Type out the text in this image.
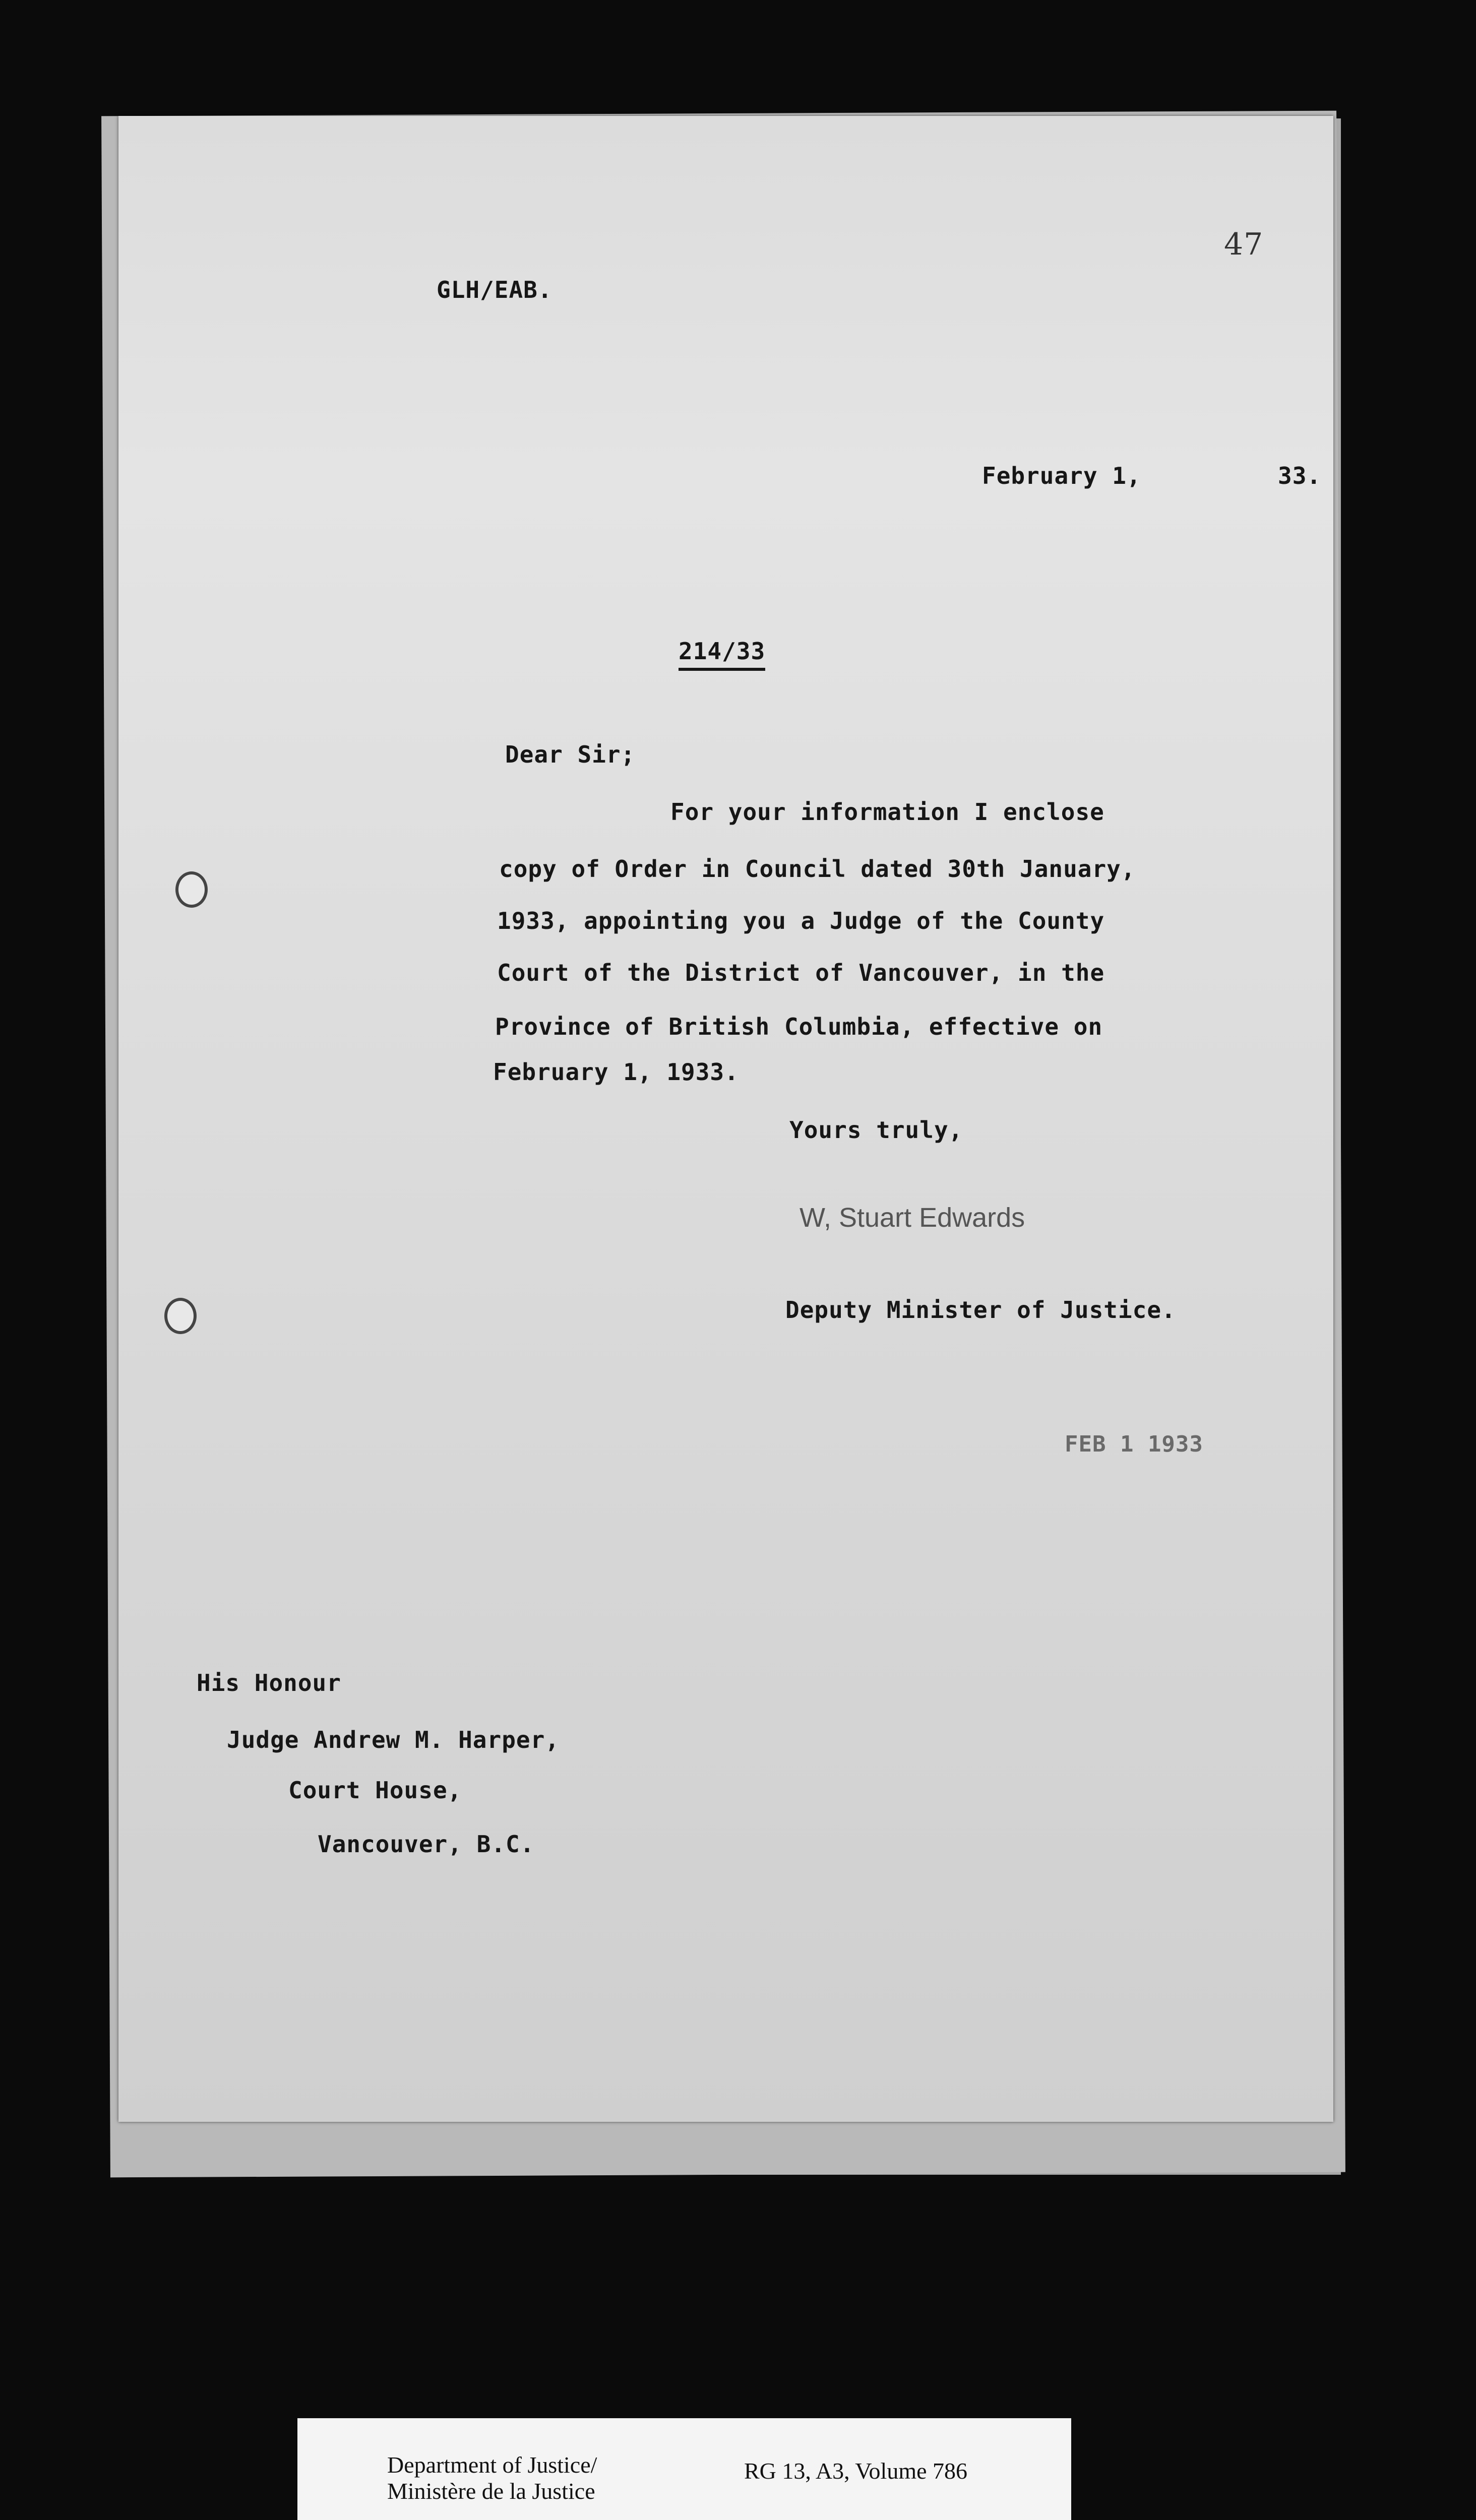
47
GLH/EAB.
February 1,	33.
214/33
Dear Sir;
For your information I enclose
copy of Order in Council dated 30th January,
1933, appointing you a Judge of the County
Court of the District of Vancouver, in the
Province of British Columbia, effective on
February 1, 1933.
Yours truly,
W, Stuart Edwards
Deputy Minister of Justice.
FEB 1 1933
His Honour
Judge Andrew M. Harper,
Court House,
Vancouver, B.C.
Department of Justice/
Ministère de la Justice
RG 13, A3, Volume 786
